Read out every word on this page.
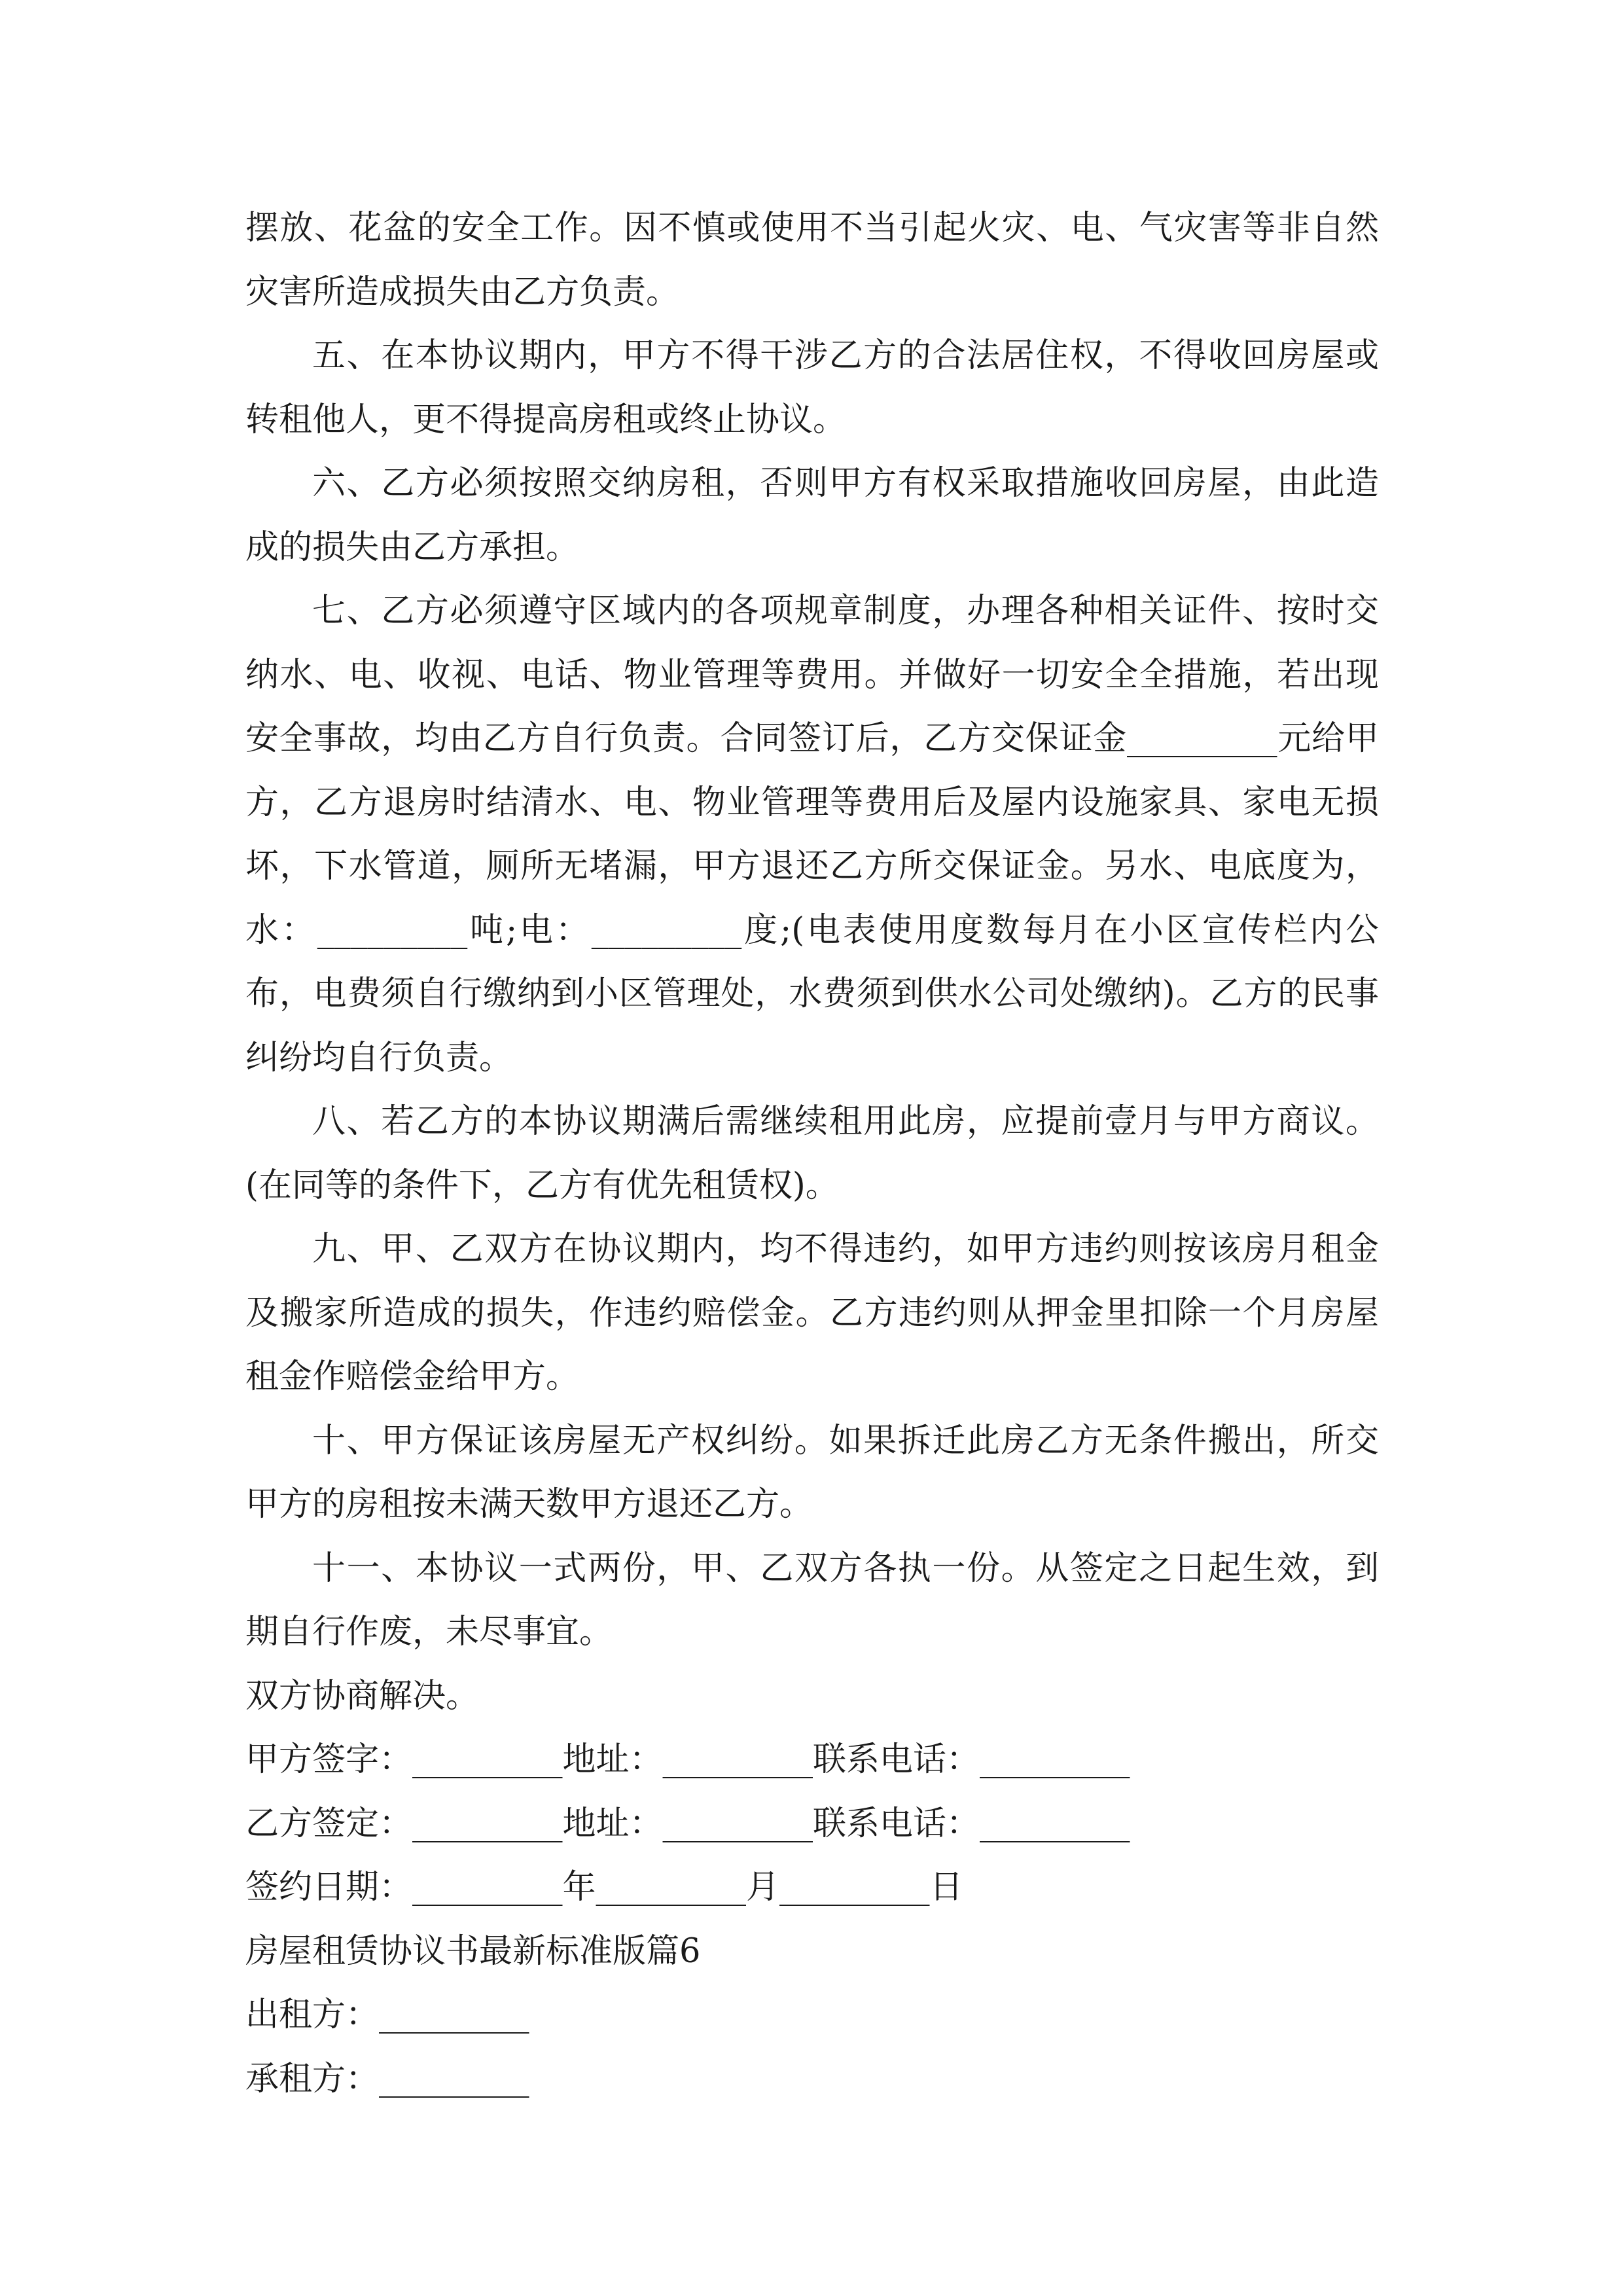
摆放、花盆的安全工作。因不慎或使用不当引起火灾、电、气灾害等非自然灾害所造成损失由乙方负责。

五、在本协议期内，甲方不得干涉乙方的合法居住权，不得收回房屋或转租他人，更不得提高房租或终止协议。

六、乙方必须按照交纳房租，否则甲方有权采取措施收回房屋，由此造成的损失由乙方承担。

七、乙方必须遵守区域内的各项规章制度，办理各种相关证件、按时交纳水、电、收视、电话、物业管理等费用。并做好一切安全全措施，若出现安全事故，均由乙方自行负责。合同签订后，乙方交保证金_________元给甲方，乙方退房时结清水、电、物业管理等费用后及屋内设施家具、家电无损坏，下水管道，厕所无堵漏，甲方退还乙方所交保证金。另水、电底度为，水：_________吨;电：_________度;(电表使用度数每月在小区宣传栏内公布，电费须自行缴纳到小区管理处，水费须到供水公司处缴纳)。乙方的民事纠纷均自行负责。

八、若乙方的本协议期满后需继续租用此房，应提前壹月与甲方商议。(在同等的条件下，乙方有优先租赁权)。

九、甲、乙双方在协议期内，均不得违约，如甲方违约则按该房月租金及搬家所造成的损失，作违约赔偿金。乙方违约则从押金里扣除一个月房屋租金作赔偿金给甲方。

十、甲方保证该房屋无产权纠纷。如果拆迁此房乙方无条件搬出，所交甲方的房租按未满天数甲方退还乙方。

十一、本协议一式两份，甲、乙双方各执一份。从签定之日起生效，到期自行作废，未尽事宜。

双方协商解决。

甲方签字：_________地址：_________联系电话：_________

乙方签定：_________地址：_________联系电话：_________

签约日期：_________年_________月_________日

房屋租赁协议书最新标准版篇6

出租方：_________

承租方：_________
